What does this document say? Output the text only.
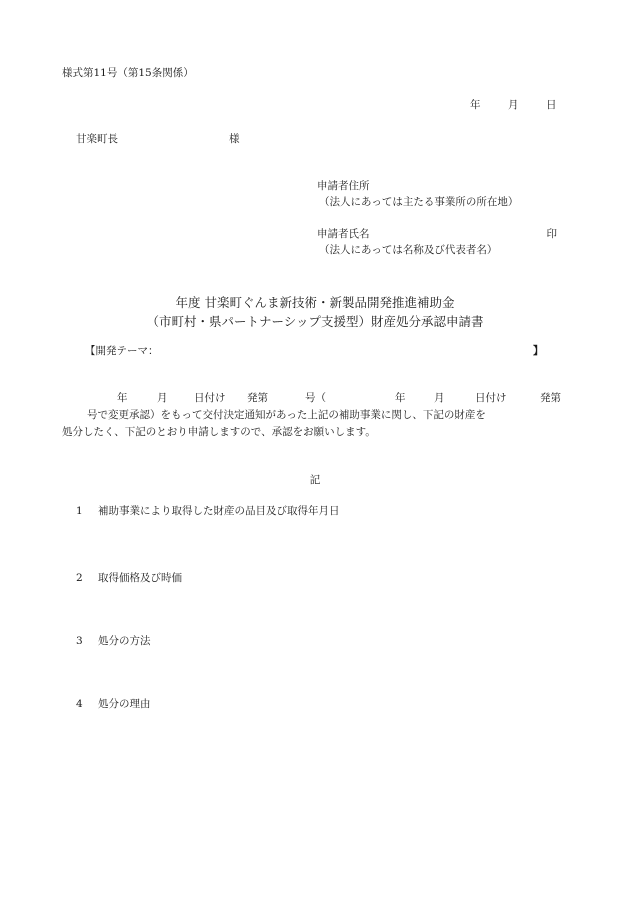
様式第11号（第15条関係）
年	月	日
甘楽町長	様
申請者住所
（法人にあっては主たる事業所の所在地）
申請者氏名	印
（法人にあっては名称及び代表者名）
年度 甘楽町ぐんま新技術・新製品開発推進補助金
（市町村・県パートナーシップ支援型）財産処分承認申請書
【開発テーマ：	】
年	月	日付け	発第	号（	年	月	日付け	発第
号で変更承認）をもって交付決定通知があった上記の補助事業に関し、下記の財産を
処分したく、下記のとおり申請しますので、承認をお願いします。
記
1	補助事業により取得した財産の品目及び取得年月日
2	取得価格及び時価
3	処分の方法
4	処分の理由
